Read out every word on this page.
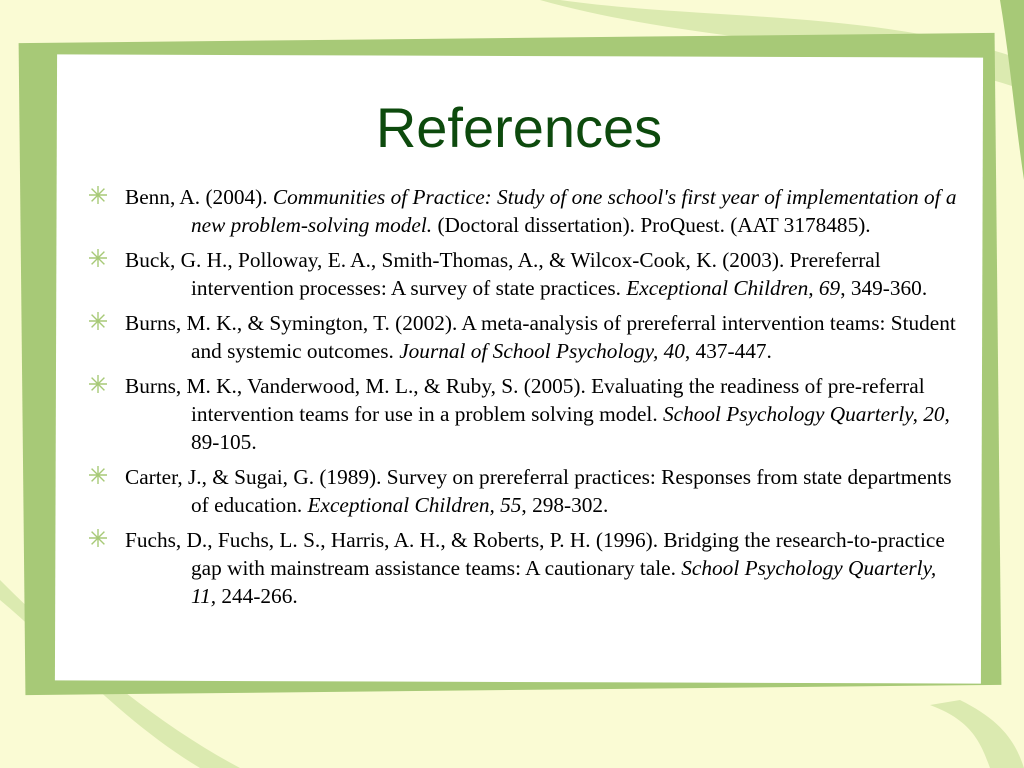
References
Benn, A. (2004). Communities of Practice: Study of one school's first year of implementation of a new problem-solving model. (Doctoral dissertation). ProQuest. (AAT 3178485).
Buck, G. H., Polloway, E. A., Smith-Thomas, A., & Wilcox-Cook, K. (2003). Prereferral intervention processes: A survey of state practices. Exceptional Children, 69, 349-360.
Burns, M. K., & Symington, T. (2002). A meta-analysis of prereferral intervention teams: Student and systemic outcomes. Journal of School Psychology, 40, 437-447.
Burns, M. K., Vanderwood, M. L., & Ruby, S. (2005). Evaluating the readiness of pre-referral intervention teams for use in a problem solving model. School Psychology Quarterly, 20, 89-105.
Carter, J., & Sugai, G. (1989). Survey on prereferral practices: Responses from state departments of education. Exceptional Children, 55, 298-302.
Fuchs, D., Fuchs, L. S., Harris, A. H., & Roberts, P. H. (1996). Bridging the research-to-practice gap with mainstream assistance teams: A cautionary tale. School Psychology Quarterly, 11, 244-266.
